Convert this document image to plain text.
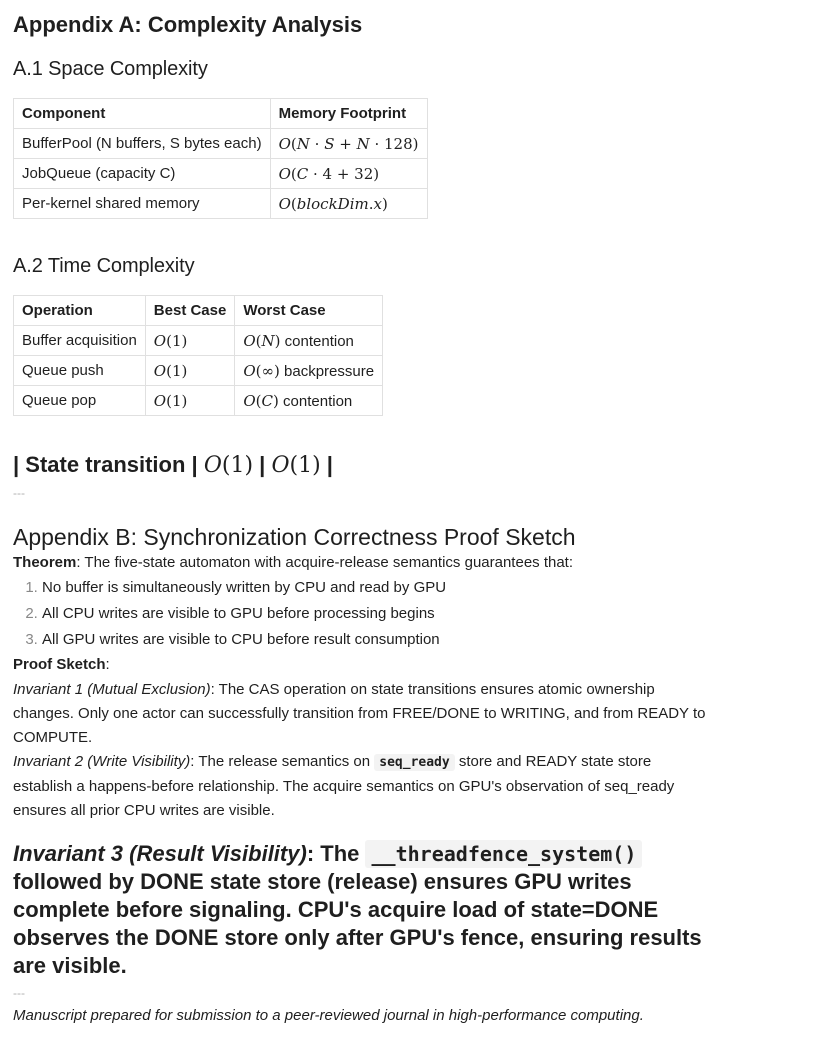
Appendix A: Complexity Analysis
A.1 Space Complexity
Component	Memory Footprint
BufferPool (N buffers, S bytes each)	O(N · S + N · 128)
JobQueue (capacity C)	O(C · 4 + 32)
Per-kernel shared memory	O(blockDim.x)
A.2 Time Complexity
Operation	Best Case	Worst Case
Buffer acquisition	O(1)	O(N) contention
Queue push	O(1)	O(∞) backpressure
Queue pop	O(1)	O(C) contention
| State transition | O(1) | O(1) |
---
Appendix B: Synchronization Correctness Proof Sketch
Theorem: The five-state automaton with acquire-release semantics guarantees that:
1. No buffer is simultaneously written by CPU and read by GPU
2. All CPU writes are visible to GPU before processing begins
3. All GPU writes are visible to CPU before result consumption
Proof Sketch:
Invariant 1 (Mutual Exclusion): The CAS operation on state transitions ensures atomic ownership changes. Only one actor can successfully transition from FREE/DONE to WRITING, and from READY to COMPUTE.
Invariant 2 (Write Visibility): The release semantics on seq_ready store and READY state store establish a happens-before relationship. The acquire semantics on GPU's observation of seq_ready ensures all prior CPU writes are visible.
Invariant 3 (Result Visibility): The __threadfence_system() followed by DONE state store (release) ensures GPU writes complete before signaling. CPU's acquire load of state=DONE observes the DONE store only after GPU's fence, ensuring results are visible.
---
Manuscript prepared for submission to a peer-reviewed journal in high-performance computing.
